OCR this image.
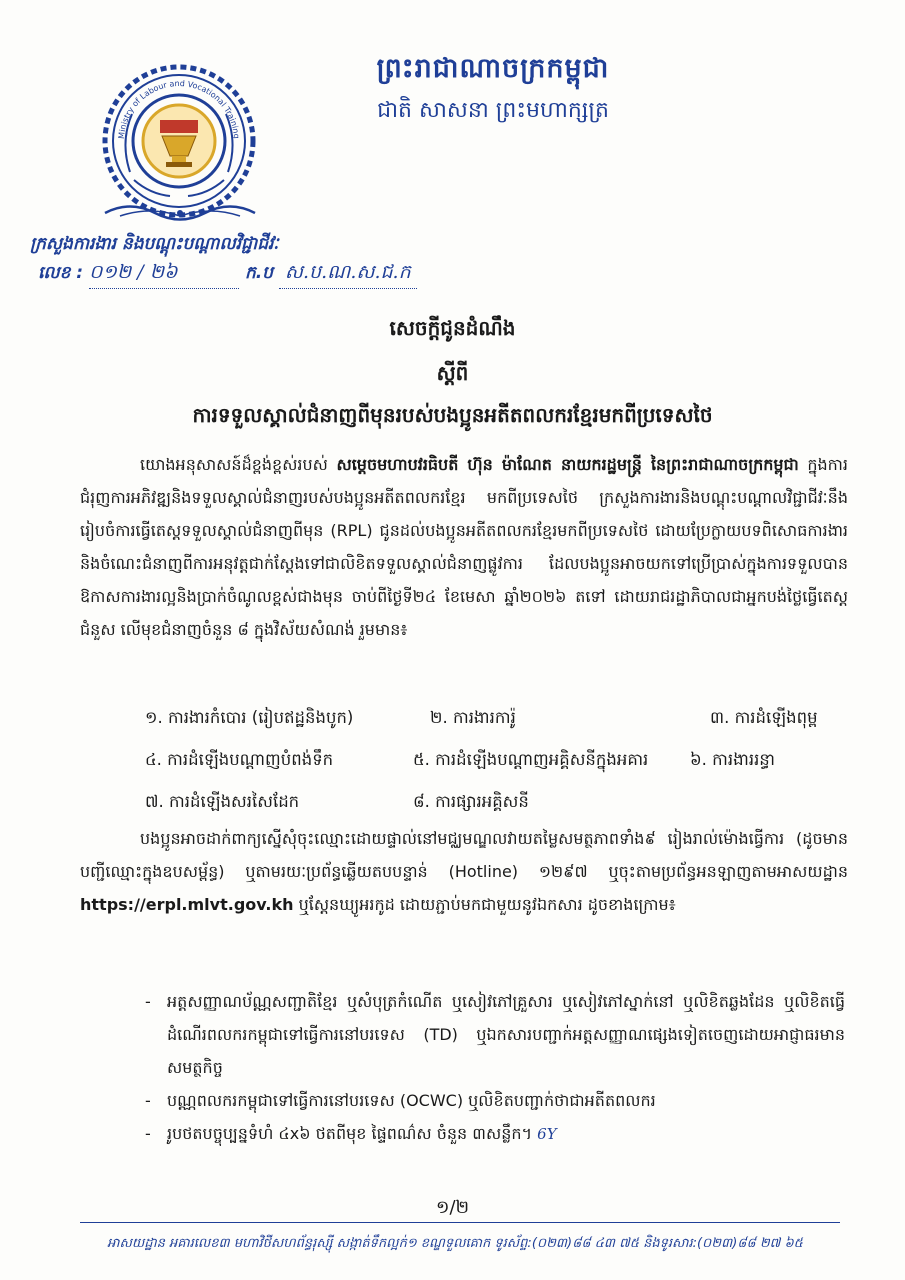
ព្រះរាជាណាចក្រកម្ពុជា
ជាតិ សាសនា ព្រះមហាក្សត្រ
Ministry of Labour and Vocational Training
ក្រសួងការងារ និងបណ្តុះបណ្តាលវិជ្ជាជីវៈ
លេខ : ០១២ / ២៦	ក.ប ស.ប.ណ.ស.ជ.ក
សេចក្តីជូនដំណឹង
ស្តីពី
ការទទួលស្គាល់ជំនាញពីមុនរបស់បងប្អូនអតីតពលករខ្មែរមកពីប្រទេសថៃ
យោងអនុសាសន៍ដ៏ខ្ពង់ខ្ពស់របស់ សម្តេចមហាបវរធិបតី ហ៊ុន ម៉ាណែត នាយករដ្ឋមន្ត្រី នៃព្រះរាជាណាចក្រកម្ពុជា ក្នុងការជំរុញការអភិវឌ្ឍនិងទទួលស្គាល់ជំនាញរបស់បងប្អូនអតីតពលករខ្មែរ មកពីប្រទេសថៃ ក្រសួងការងារនិងបណ្តុះបណ្តាលវិជ្ជាជីវៈនឹងរៀបចំការធ្វើតេស្តទទួលស្គាល់ជំនាញពីមុន (RPL) ជូនដល់បងប្អូនអតីតពលករខ្មែរមកពីប្រទេសថៃ ដោយប្រែក្លាយបទពិសោធការងារនិងចំណេះជំនាញពីការអនុវត្តជាក់ស្តែងទៅជាលិខិតទទួលស្គាល់ជំនាញផ្លូវការ ដែលបងប្អូនអាចយកទៅប្រើប្រាស់ក្នុងការទទួលបានឱកាសការងារល្អនិងប្រាក់ចំណូលខ្ពស់ជាងមុន ចាប់ពីថ្ងៃទី២៤ ខែមេសា ឆ្នាំ២០២៦ តទៅ ដោយរាជរដ្ឋាភិបាលជាអ្នកបង់ថ្លៃធ្វើតេស្តជំនួស លើមុខជំនាញចំនួន ៨ ក្នុងវិស័យសំណង់ រួមមាន៖
១. ការងារកំបោរ (រៀបឥដ្ឋនិងបូក)	២. ការងារការ៉ូ	៣. ការដំឡើងពុម្ព
៤. ការដំឡើងបណ្តាញបំពង់ទឹក	៥. ការដំឡើងបណ្តាញអគ្គិសនីក្នុងអគារ	៦. ការងាររន្ធា
៧. ការដំឡើងសរសៃដែក	៨. ការផ្សារអគ្គិសនី
បងប្អូនអាចដាក់ពាក្យស្នើសុំចុះឈ្មោះដោយផ្ទាល់នៅមជ្ឈមណ្ឌលវាយតម្លៃសមត្ថភាពទាំង៩ រៀងរាល់ម៉ោងធ្វើការ (ដូចមានបញ្ជីឈ្មោះក្នុងឧបសម្ព័ន្ធ) ឬតាមរយៈប្រព័ន្ធឆ្លើយតបបន្ទាន់ (Hotline) ១២៩៧ ឬចុះតាមប្រព័ន្ធអនឡាញតាមអាសយដ្ឋាន https://erpl.mlvt.gov.kh ឬស្តែនឃ្យូអរកូដ ដោយភ្ជាប់មកជាមួយនូវឯកសារ ដូចខាងក្រោម៖
- អត្តសញ្ញាណប័ណ្ណសញ្ជាតិខ្មែរ ឬសំបុត្រកំណើត ឬសៀវភៅគ្រួសារ ឬសៀវភៅស្នាក់នៅ ឬលិខិតឆ្លងដែន ឬលិខិតធ្វើដំណើរពលករកម្ពុជាទៅធ្វើការនៅបរទេស (TD) ឬឯកសារបញ្ជាក់អត្តសញ្ញាណផ្សេងទៀតចេញដោយអាជ្ញាធរមានសមត្ថកិច្ច
- បណ្ណពលករកម្ពុជាទៅធ្វើការនៅបរទេស (OCWC) ឬលិខិតបញ្ជាក់ថាជាអតីតពលករ
- រូបថតបច្ចុប្បន្នទំហំ ៤x៦ ថតពីមុខ ផ្ទៃពណ៌ស ចំនួន ៣សន្លឹក។ 6Y
១/២
អាសយដ្ឋាន អគារលេខ៣ មហាវិថីសហព័ន្ធរុស្ស៊ី សង្កាត់ទឹកល្អក់១ ខណ្ឌទួលគោក ទូរស័ព្ទ:(០២៣)៨៨ ៤៣ ៧៥ និងទូរសារ:(០២៣)៨៨ ២៧ ៦៥
